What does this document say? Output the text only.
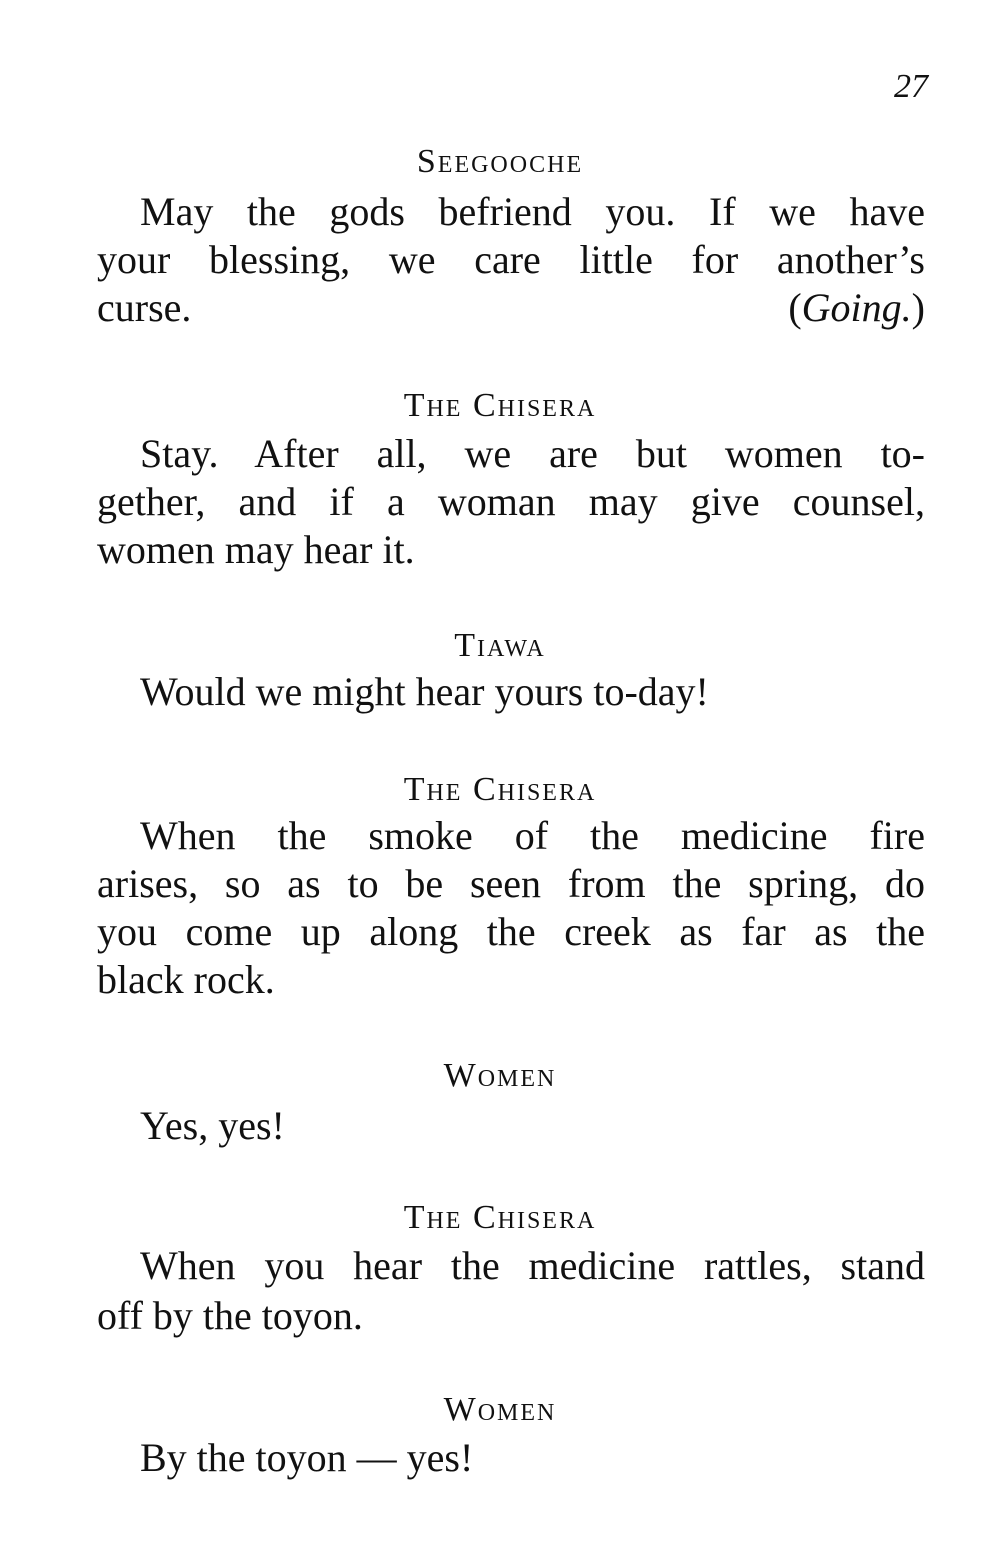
27
Seegooche
May the gods befriend you. If we have
your blessing, we care little for another’s
curse.	(Going.)
The Chisera
Stay. After all, we are but women to-
gether, and if a woman may give counsel,
women may hear it.
Tiawa
Would we might hear yours to-day!
The Chisera
When the smoke of the medicine fire
arises, so as to be seen from the spring, do
you come up along the creek as far as the
black rock.
Women
Yes, yes!
The Chisera
When you hear the medicine rattles, stand
off by the toyon.
Women
By the toyon — yes!
